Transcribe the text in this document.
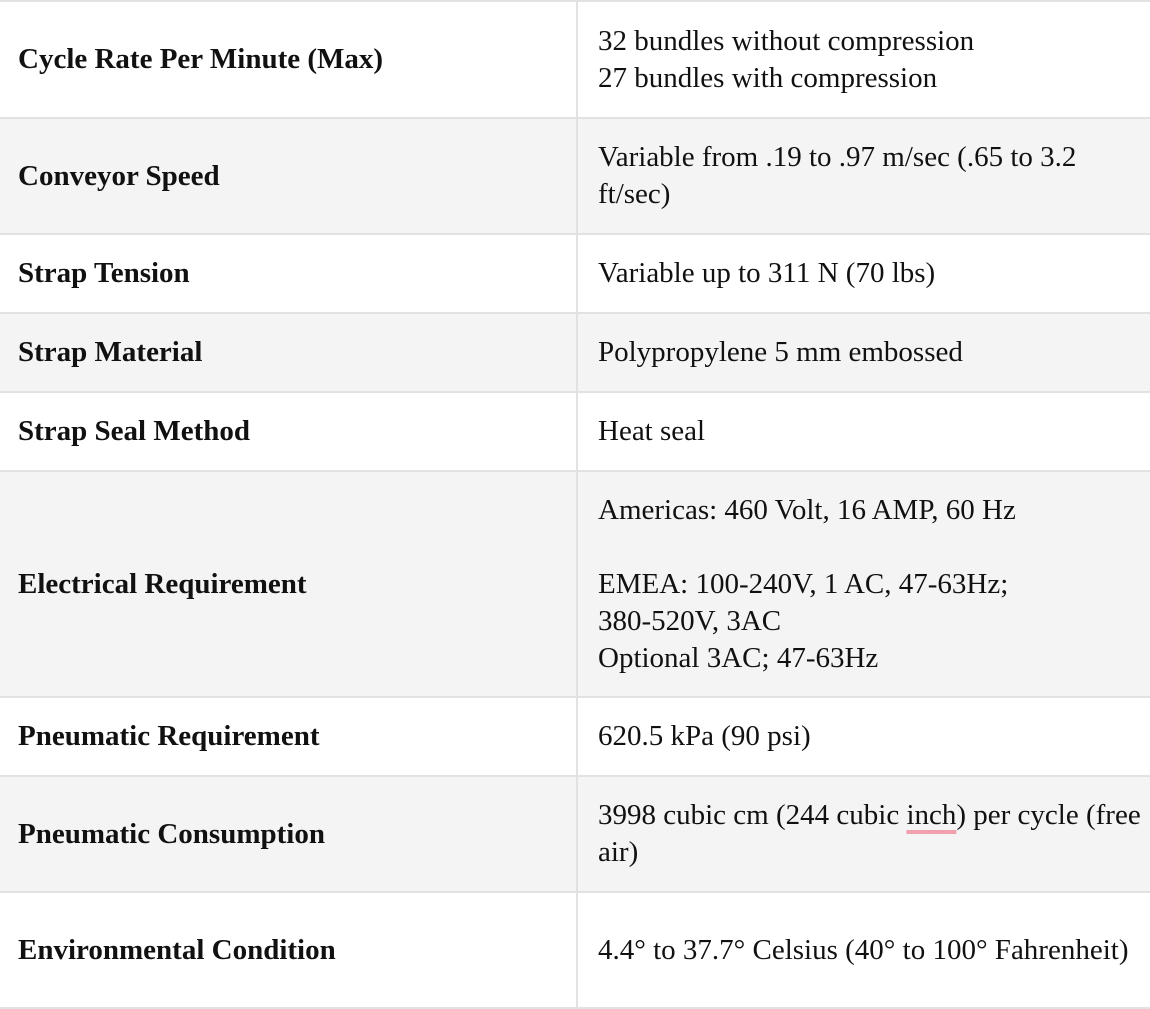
Cycle Rate Per Minute (Max)	32 bundles without compression
27 bundles with compression

Conveyor Speed	Variable from .19 to .97 m/sec (.65 to 3.2 ft/sec)
Strap Tension	Variable up to 311 N (70 lbs)
Strap Material	Polypropylene 5 mm embossed
Strap Seal Method	Heat seal
Electrical Requirement	Americas: 460 Volt, 16 AMP, 60 Hz
EMEA: 100-240V, 1 AC, 47-63Hz;
380-520V, 3AC
Optional 3AC; 47-63Hz

Pneumatic Requirement	620.5 kPa (90 psi)
Pneumatic Consumption	3998 cubic cm (244 cubic inch) per cycle (free air)
Environmental Condition	4.4° to 37.7° Celsius (40° to 100° Fahrenheit)
